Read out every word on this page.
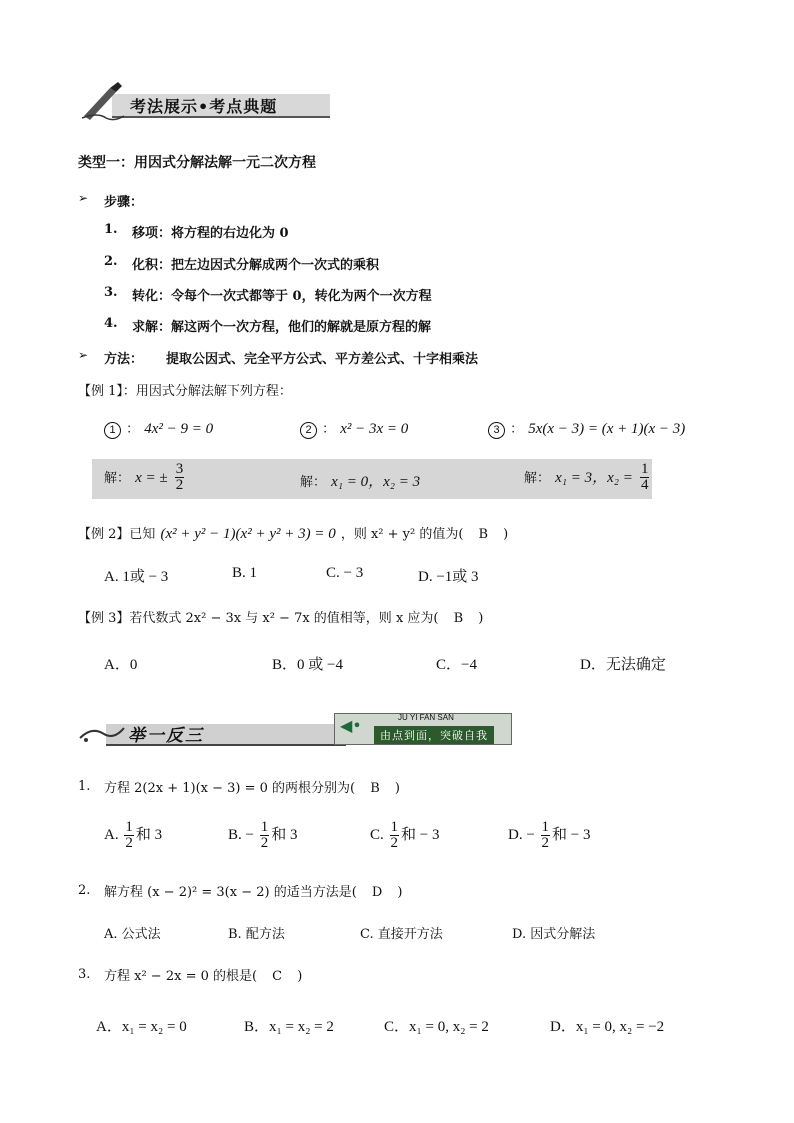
考法展示•考点典题
类型一：用因式分解法解一元二次方程
➢ 步骤：
1. 移项：将方程的右边化为 0
2. 化积：把左边因式分解成两个一次式的乘积
3. 转化：令每个一次式都等于 0，转化为两个一次方程
4. 求解：解这两个一次方程，他们的解就是原方程的解
➢ 方法： 提取公因式、完全平方公式、平方差公式、十字相乘法
【例 1】：用因式分解法解下列方程：
1 ： 4x² − 9 = 0	2 ： x² − 3x = 0	3 ： 5x(x − 3) = (x + 1)(x − 3)
解： x = ± $\frac{3}{2}$	解： x₁ = 0，x₂ = 3	解： x₁ = 3，$x_2 = \frac{1}{4}$
【例 2】已知 (x² + y² − 1)(x² + y² + 3) = 0 ，则 x² + y² 的值为( B )
A. 1或 − 3	B. 1	C. − 3	D. −1或 3
【例 3】若代数式 2x² − 3x 与 x² − 7x 的值相等，则 x 应为( B )
A．0	B．0 或 −4	C．−4	D．无法确定
举一反三
◀•	JU YI FAN SAN
由点到面，突破自我
1. 方程 2(2x + 1)(x − 3) = 0 的两根分别为( B )
A. $\frac{1}{2}$ 和 3	B. − $\frac{1}{2}$ 和 3	C. $\frac{1}{2}$ 和 − 3	D. − $\frac{1}{2}$ 和 − 3
2. 解方程 (x − 2)² = 3(x − 2) 的适当方法是( D )
A. 公式法	B. 配方法	C. 直接开方法	D. 因式分解法
3. 方程 x² − 2x = 0 的根是( C )
A．x₁ = x₂ = 0	B．x₁ = x₂ = 2	C．x₁ = 0, x₂ = 2	D．x₁ = 0, x₂ = −2
